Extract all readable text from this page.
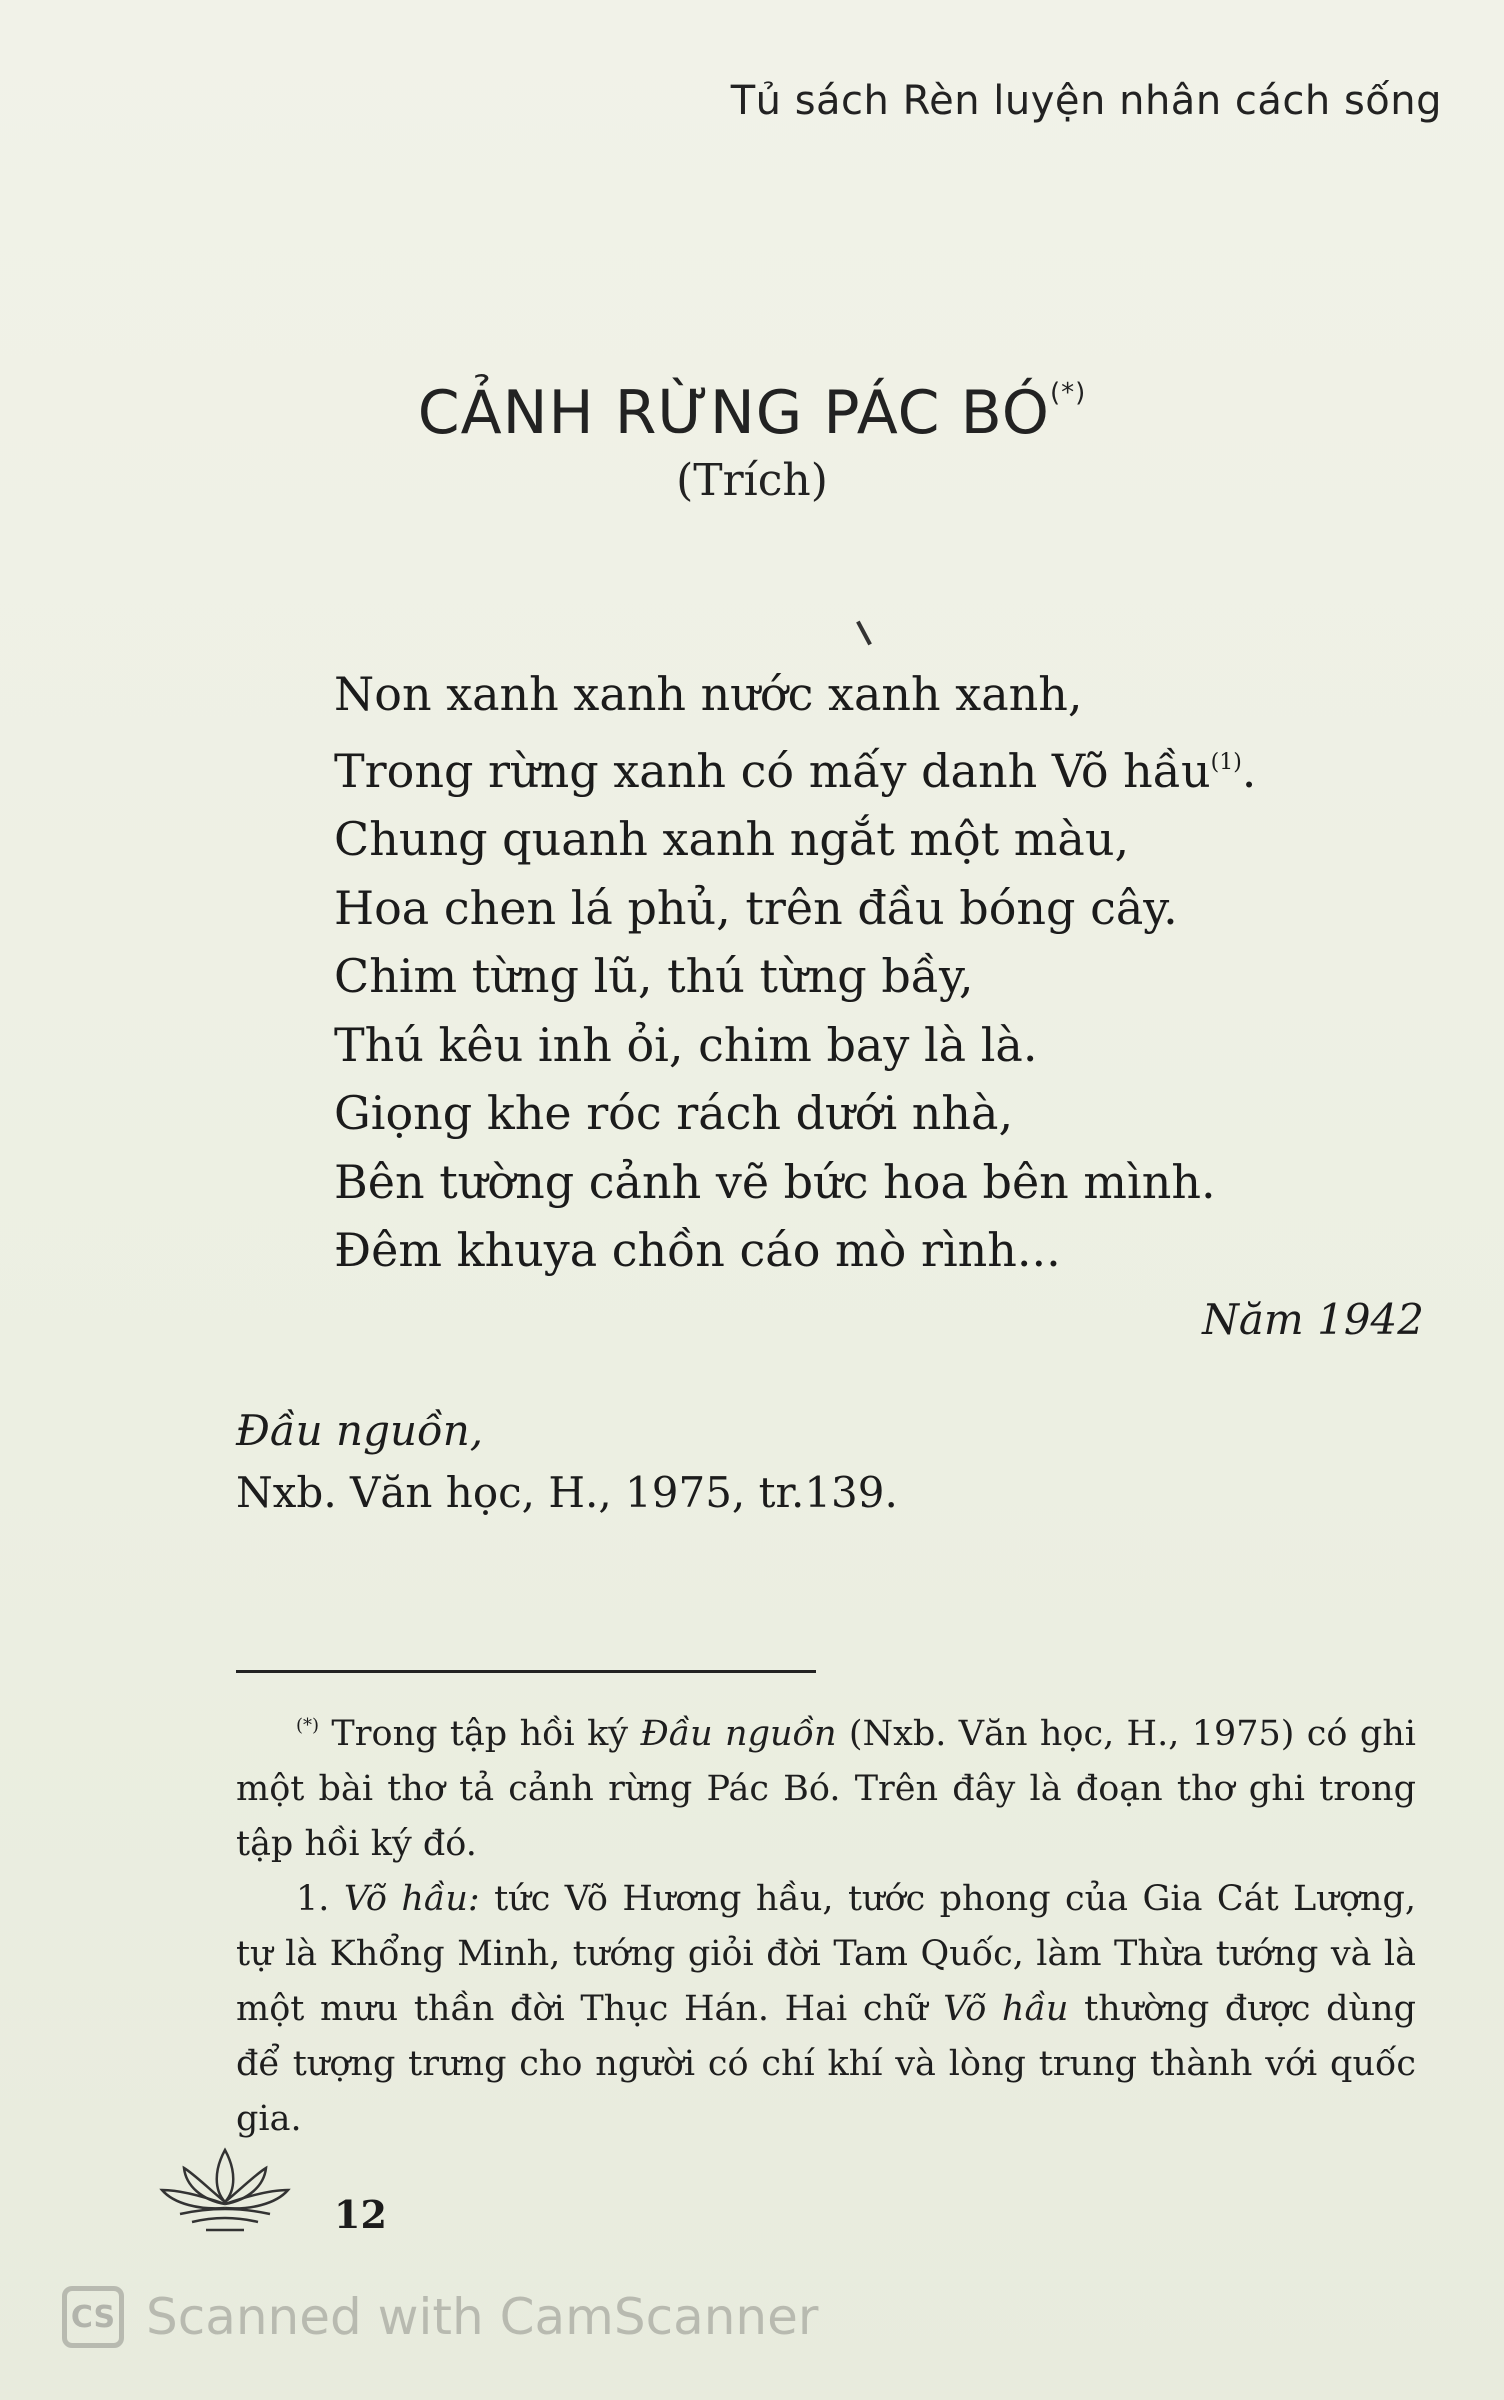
Tủ sách Rèn luyện nhân cách sống
CẢNH RỪNG PÁC BÓ(*)
(Trích)
Non xanh xanh nước xanh xanh,
Trong rừng xanh có mấy danh Võ hầu$^{(1)}$.
Chung quanh xanh ngắt một màu,
Hoa chen lá phủ, trên đầu bóng cây.
Chim từng lũ, thú từng bầy,
Thú kêu inh ỏi, chim bay là là.
Giọng khe róc rách dưới nhà,
Bên tường cảnh vẽ bức hoa bên mình.
Đêm khuya chồn cáo mò rình...
Năm 1942
Đầu nguồn,
Nxb. Văn học, H., 1975, tr.139.

(*) Trong tập hồi ký Đầu nguồn (Nxb. Văn học, H., 1975) có ghi một bài thơ tả cảnh rừng Pác Bó. Trên đây là đoạn thơ ghi trong tập hồi ký đó.

1. Võ hầu: tức Võ Hương hầu, tước phong của Gia Cát Lượng, tự là Khổng Minh, tướng giỏi đời Tam Quốc, làm Thừa tướng và là một mưu thần đời Thục Hán. Hai chữ Võ hầu thường được dùng để tượng trưng cho người có chí khí và lòng trung thành với quốc gia.

12
CS Scanned with CamScanner
